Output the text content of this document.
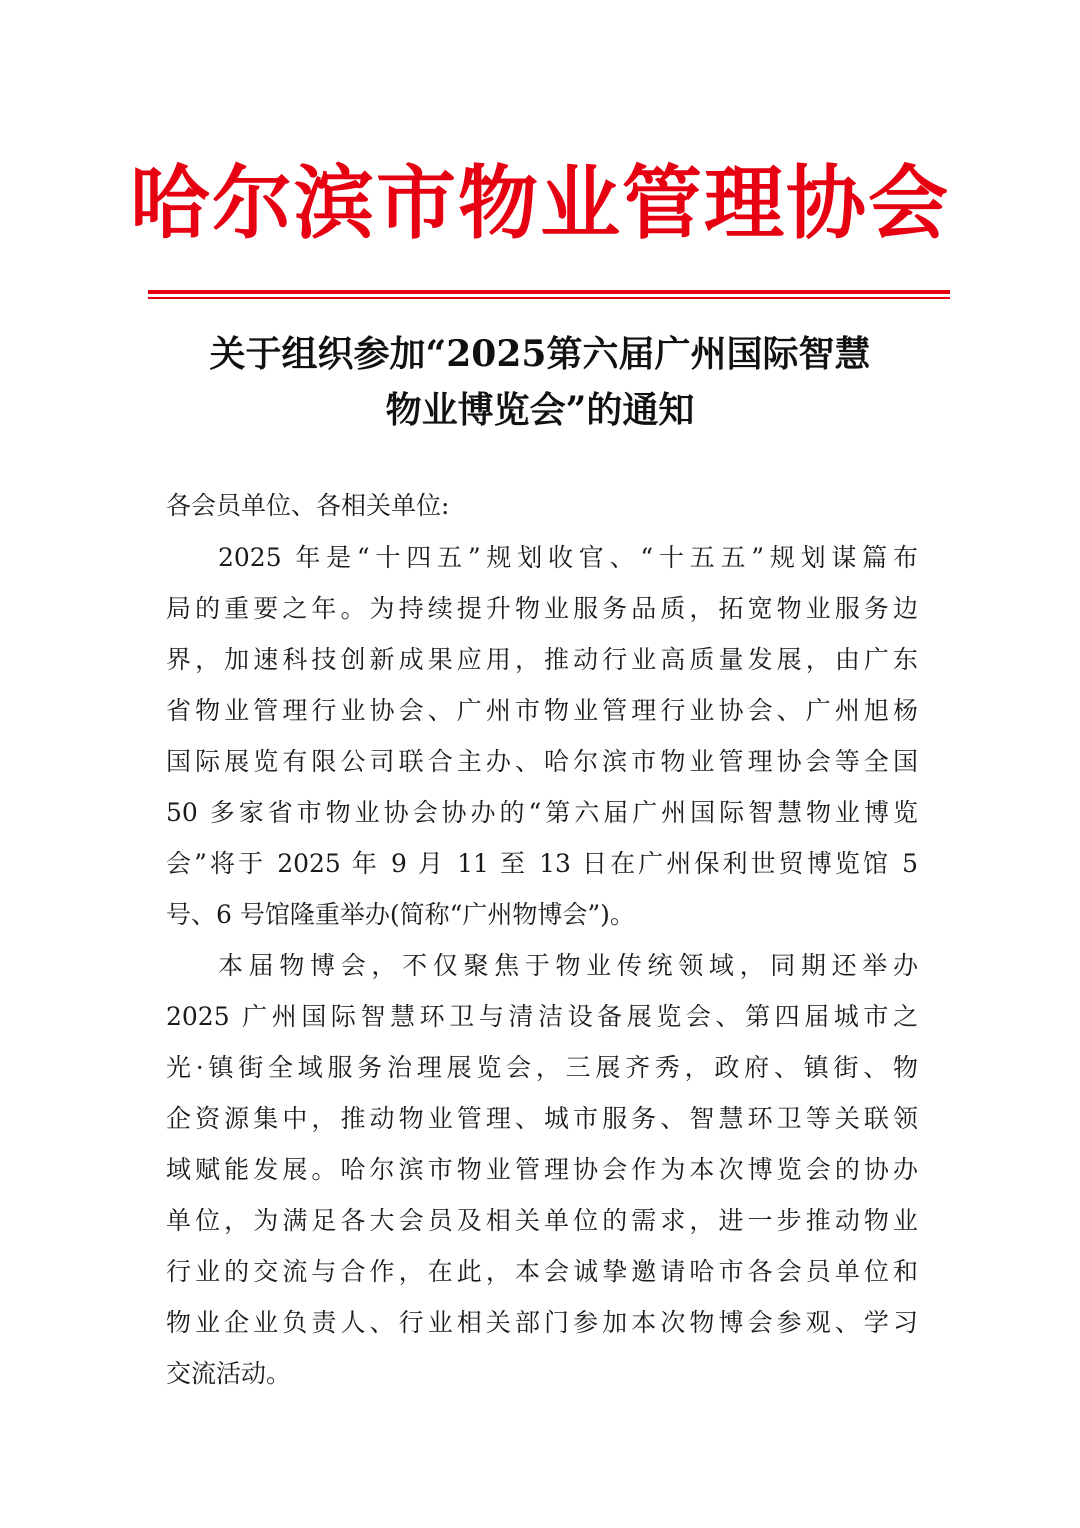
哈尔滨市物业管理协会
关于组织参加“2025第六届广州国际智慧
物业博览会”的通知
各会员单位、各相关单位:
2025 年是“十四五”规划收官、“十五五”规划谋篇布
局的重要之年。为持续提升物业服务品质，拓宽物业服务边
界，加速科技创新成果应用，推动行业高质量发展，由广东
省物业管理行业协会、广州市物业管理行业协会、广州旭杨
国际展览有限公司联合主办、哈尔滨市物业管理协会等全国
50 多家省市物业协会协办的“第六届广州国际智慧物业博览
会”将于 2025 年 9 月 11 至 13 日在广州保利世贸博览馆 5
号、6 号馆隆重举办(简称“广州物博会”)。
本届物博会，不仅聚焦于物业传统领域，同期还举办
2025 广州国际智慧环卫与清洁设备展览会、第四届城市之
光·镇街全域服务治理展览会，三展齐秀，政府、镇街、物
企资源集中，推动物业管理、城市服务、智慧环卫等关联领
域赋能发展。哈尔滨市物业管理协会作为本次博览会的协办
单位，为满足各大会员及相关单位的需求，进一步推动物业
行业的交流与合作，在此，本会诚挚邀请哈市各会员单位和
物业企业负责人、行业相关部门参加本次物博会参观、学习
交流活动。
